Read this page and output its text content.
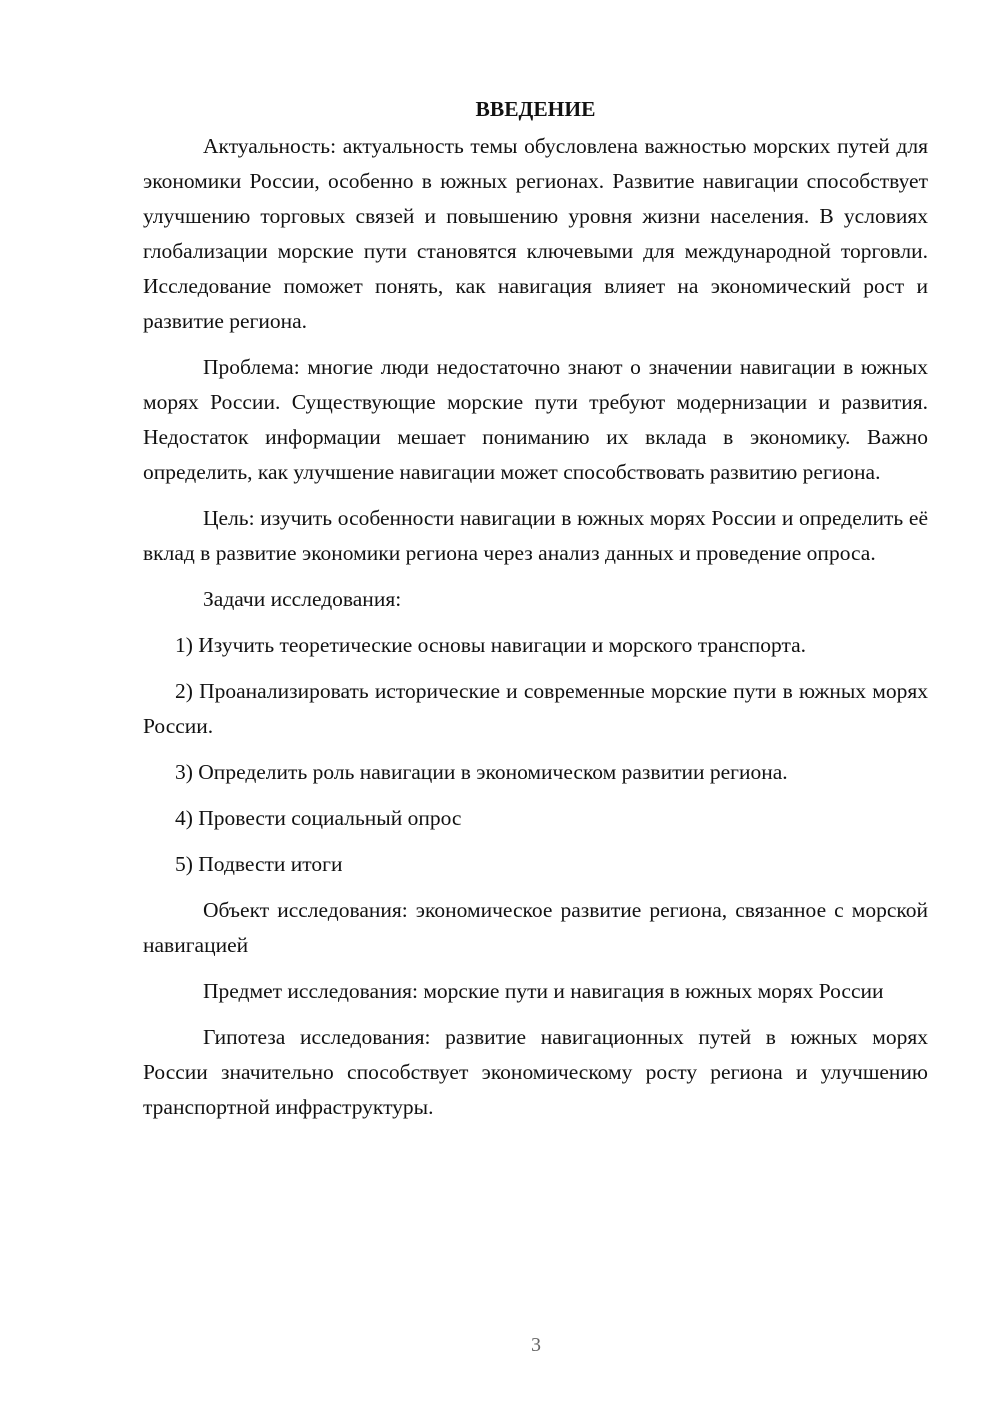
ВВЕДЕНИЕ

Актуальность: актуальность темы обусловлена важностью морских путей для экономики России, особенно в южных регионах. Развитие навигации способствует улучшению торговых связей и повышению уровня жизни населения. В условиях глобализации морские пути становятся ключевыми для международной торговли. Исследование поможет понять, как навигация влияет на экономический рост и развитие региона.

Проблема: многие люди недостаточно знают о значении навигации в южных морях России. Существующие морские пути требуют модернизации и развития. Недостаток информации мешает пониманию их вклада в экономику. Важно определить, как улучшение навигации может способствовать развитию региона.

Цель: изучить особенности навигации в южных морях России и определить её вклад в развитие экономики региона через анализ данных и проведение опроса.

Задачи исследования:

1) Изучить теоретические основы навигации и морского транспорта.

2) Проанализировать исторические и современные морские пути в южных морях России.

3) Определить роль навигации в экономическом развитии региона.

4) Провести социальный опрос

5) Подвести итоги

Объект исследования: экономическое развитие региона, связанное с морской навигацией

Предмет исследования: морские пути и навигация в южных морях России

Гипотеза исследования: развитие навигационных путей в южных морях России значительно способствует экономическому росту региона и улучшению транспортной инфраструктуры.

3
